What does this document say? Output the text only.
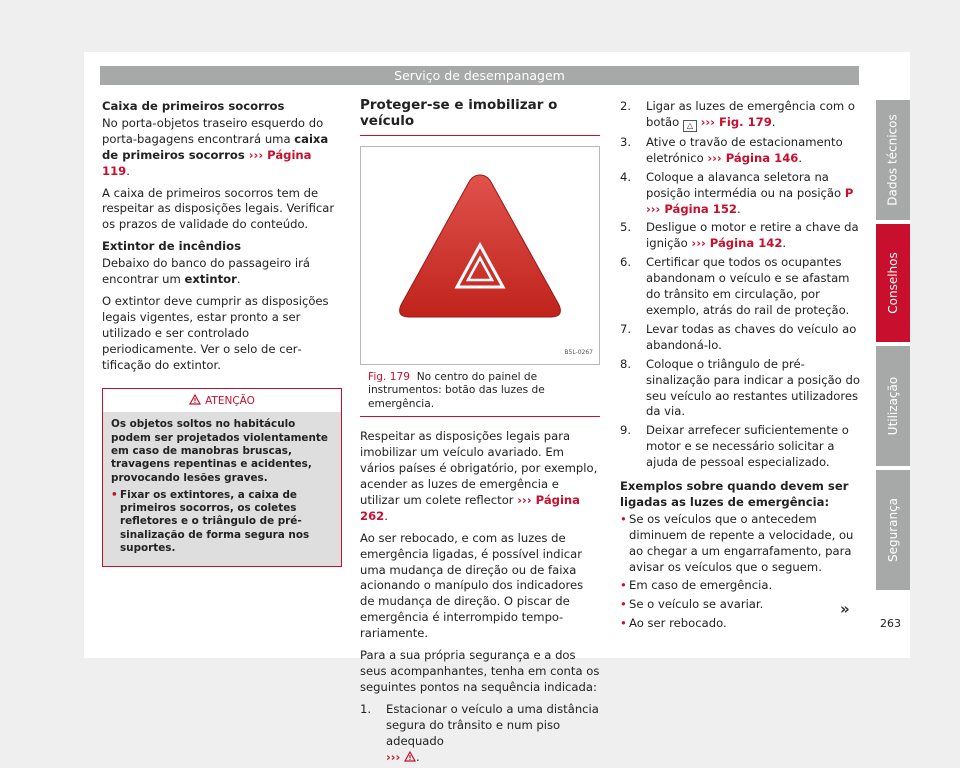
Serviço de desempanagem
Caixa de primeiros socorros

No porta-objetos traseiro esquerdo do porta-bagagens encontrará uma caixa de primeiros socorros ››› Página 119.

A caixa de primeiros socorros tem de respeitar as disposições legais. Verificar os prazos de validade do conteúdo.

Extintor de incêndios

Debaixo do banco do passageiro irá encontrar um extintor.

O extintor deve cumprir as disposições legais vigentes, estar pronto a ser utilizado e ser controlado periodicamente. Ver o selo de certificação do extintor.

ATENÇÃO
Os objetos soltos no habitáculo podem ser projetados violentamente em caso de manobras bruscas, travagens repentinas e acidentes, provocando lesões graves.
• Fixar os extintores, a caixa de primeiros socorros, os coletes refletores e o triângulo de pré-sinalização de forma segura nos suportes.
Proteger-se e imobilizar o veículo
B5L-0267
Fig. 179 No centro do painel de instrumentos: botão das luzes de emergência.

Respeitar as disposições legais para imobilizar um veículo avariado. Em vários países é obrigatório, por exemplo, acender as luzes de emergência e utilizar um colete reflector ››› Página 262.

Ao ser rebocado, e com as luzes de emergência ligadas, é possível indicar uma mudança de direção ou de faixa acionando o manípulo dos indicadores de mudança de direção. O piscar de emergência é interrompido temporariamente.

Para a sua própria segurança e a dos seus acompanhantes, tenha em conta os seguintes pontos na sequência indicada:

1.	Estacionar o veículo a uma distância segura do trânsito e num piso adequado
››› .
2.	Ligar as luzes de emergência com o botão △ ››› Fig. 179.
3.	Ative o travão de estacionamento eletrónico ››› Página 146.
4.	Coloque a alavanca seletora na posição intermédia ou na posição P ››› Página 152.
5.	Desligue o motor e retire a chave da ignição ››› Página 142.
6.	Certificar que todos os ocupantes abandonam o veículo e se afastam do trânsito em circulação, por exemplo, atrás do rail de proteção.
7.	Levar todas as chaves do veículo ao abandoná-lo.
8.	Coloque o triângulo de pré-sinalização para indicar a posição do seu veículo ao restantes utilizadores da via.
9.	Deixar arrefecer suficientemente o motor e se necessário solicitar a ajuda de pessoal especializado.
Exemplos sobre quando devem ser ligadas as luzes de emergência:
• Se os veículos que o antecedem diminuem de repente a velocidade, ou ao chegar a um engarrafamento, para avisar os veículos que o seguem.
• Em caso de emergência.
• Se o veículo se avariar.
• Ao ser rebocado.
»
Dados técnicos
Conselhos
Utilização
Segurança
263
